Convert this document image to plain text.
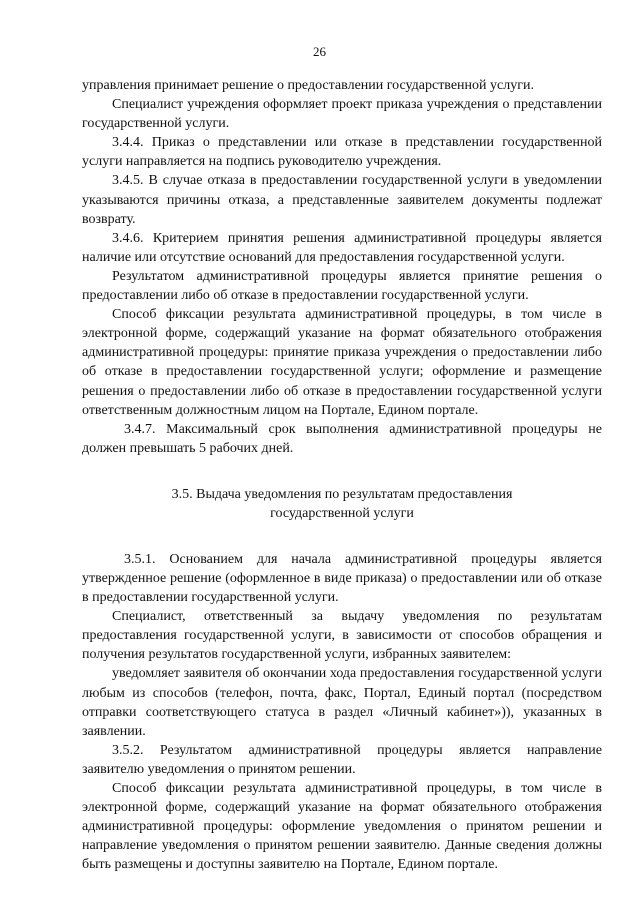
26

управления принимает решение о предоставлении государственной услуги.

Специалист учреждения оформляет проект приказа учреждения о представлении государственной услуги.

3.4.4. Приказ о представлении или отказе в представлении государственной услуги направляется на подпись руководителю учреждения.

3.4.5. В случае отказа в предоставлении государственной услуги в уведомлении указываются причины отказа, а представленные заявителем документы подлежат возврату.

3.4.6. Критерием принятия решения административной процедуры является наличие или отсутствие оснований для предоставления государственной услуги.

Результатом административной процедуры является принятие решения о предоставлении либо об отказе в предоставлении государственной услуги.

Способ фиксации результата административной процедуры, в том числе в электронной форме, содержащий указание на формат обязательного отображения административной процедуры: принятие приказа учреждения о предоставлении либо об отказе в предоставлении государственной услуги; оформление и размещение решения о предоставлении либо об отказе в предоставлении государственной услуги ответственным должностным лицом на Портале, Едином портале.

3.4.7. Максимальный срок выполнения административной процедуры не должен превышать 5 рабочих дней.

3.5. Выдача уведомления по результатам предоставления
государственной услуги

3.5.1. Основанием для начала административной процедуры является утвержденное решение (оформленное в виде приказа) о предоставлении или об отказе в предоставлении государственной услуги.

Специалист, ответственный за выдачу уведомления по результатам предоставления государственной услуги, в зависимости от способов обращения и получения результатов государственной услуги, избранных заявителем:

уведомляет заявителя об окончании хода предоставления государственной услуги любым из способов (телефон, почта, факс, Портал, Единый портал (посредством отправки соответствующего статуса в раздел «Личный кабинет»)), указанных в заявлении.

3.5.2. Результатом административной процедуры является направление заявителю уведомления о принятом решении.

Способ фиксации результата административной процедуры, в том числе в электронной форме, содержащий указание на формат обязательного отображения административной процедуры: оформление уведомления о принятом решении и направление уведомления о принятом решении заявителю. Данные сведения должны быть размещены и доступны заявителю на Портале, Едином портале.
